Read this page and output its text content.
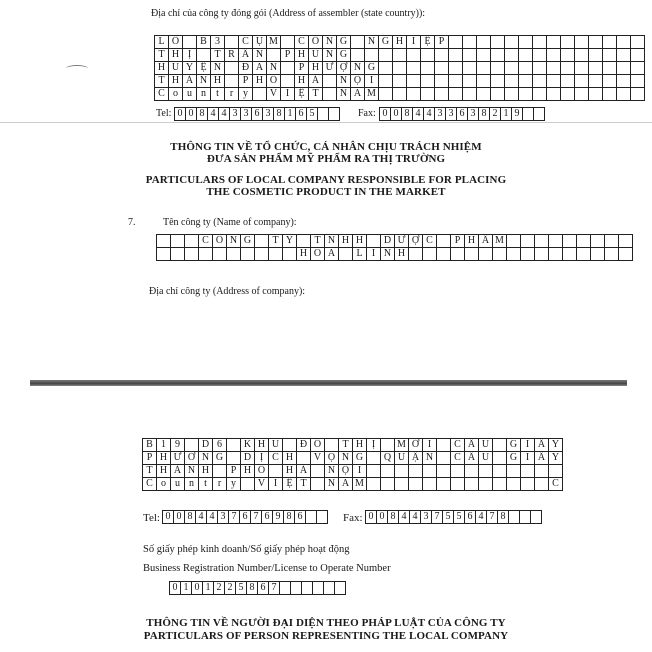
Địa chỉ của công ty đóng gói (Address of assembler (state country)):
L	Ô		B	3		C	Ụ	M		C	Ô	N	G		N	G	H	I	Ệ	P														
T	H	Ị		T	R	Ấ	N		P	H	Ù	N	G																					
H	U	Y	Ệ	N		Đ	A	N		P	H	Ư	Ợ	N	G																			
T	H	À	N	H		P	H	Ố		H	À		N	Ộ	I																			
C	o	u	n	t	r	y		V	I	Ệ	T		N	A	M																			
Tel: 0	0	8	4	4	3	3	6	3	8	1	6	5			Fax: 0	0	8	4	4	3	3	6	3	8	2	1	9		
THÔNG TIN VỀ TỔ CHỨC, CÁ NHÂN CHỊU TRÁCH NHIỆM
ĐƯA SẢN PHẨM MỸ PHẨM RA THỊ TRƯỜNG
PARTICULARS OF LOCAL COMPANY RESPONSIBLE FOR PLACING
THE COSMETIC PRODUCT IN THE MARKET
7.	Tên công ty (Name of company):
			C	Ô	N	G		T	Y		T	N	H	H		D	Ư	Ợ	C		P	H	Ẩ	M									
										H	O	A		L	I	N	H																
Địa chỉ công ty (Address of company):
B	1	9		D	6		K	H	U		Đ	Ô		T	H	Ị		M	Ớ	I		C	Ầ	U		G	I	Ấ	Y
P	H	Ư	Ờ	N	G		D	Ị	C	H		V	Ọ	N	G		Q	U	Ậ	N		C	Ầ	U		G	I	Ấ	Y
T	H	À	N	H		P	H	Ố		H	À		N	Ộ	I														
C	o	u	n	t	r	y		V	I	Ệ	T		N	A	M														C
Tel: 0	0	8	4	4	3	7	6	7	6	9	8	6			Fax: 0	0	8	4	4	3	7	5	5	6	4	7	8			
Số giấy phép kinh doanh/Số giấy phép hoạt động
Business Registration Number/License to Operate Number
0	1	0	1	2	2	5	8	6	7						
THÔNG TIN VỀ NGƯỜI ĐẠI DIỆN THEO PHÁP LUẬT CỦA CÔNG TY
PARTICULARS OF PERSON REPRESENTING THE LOCAL COMPANY
